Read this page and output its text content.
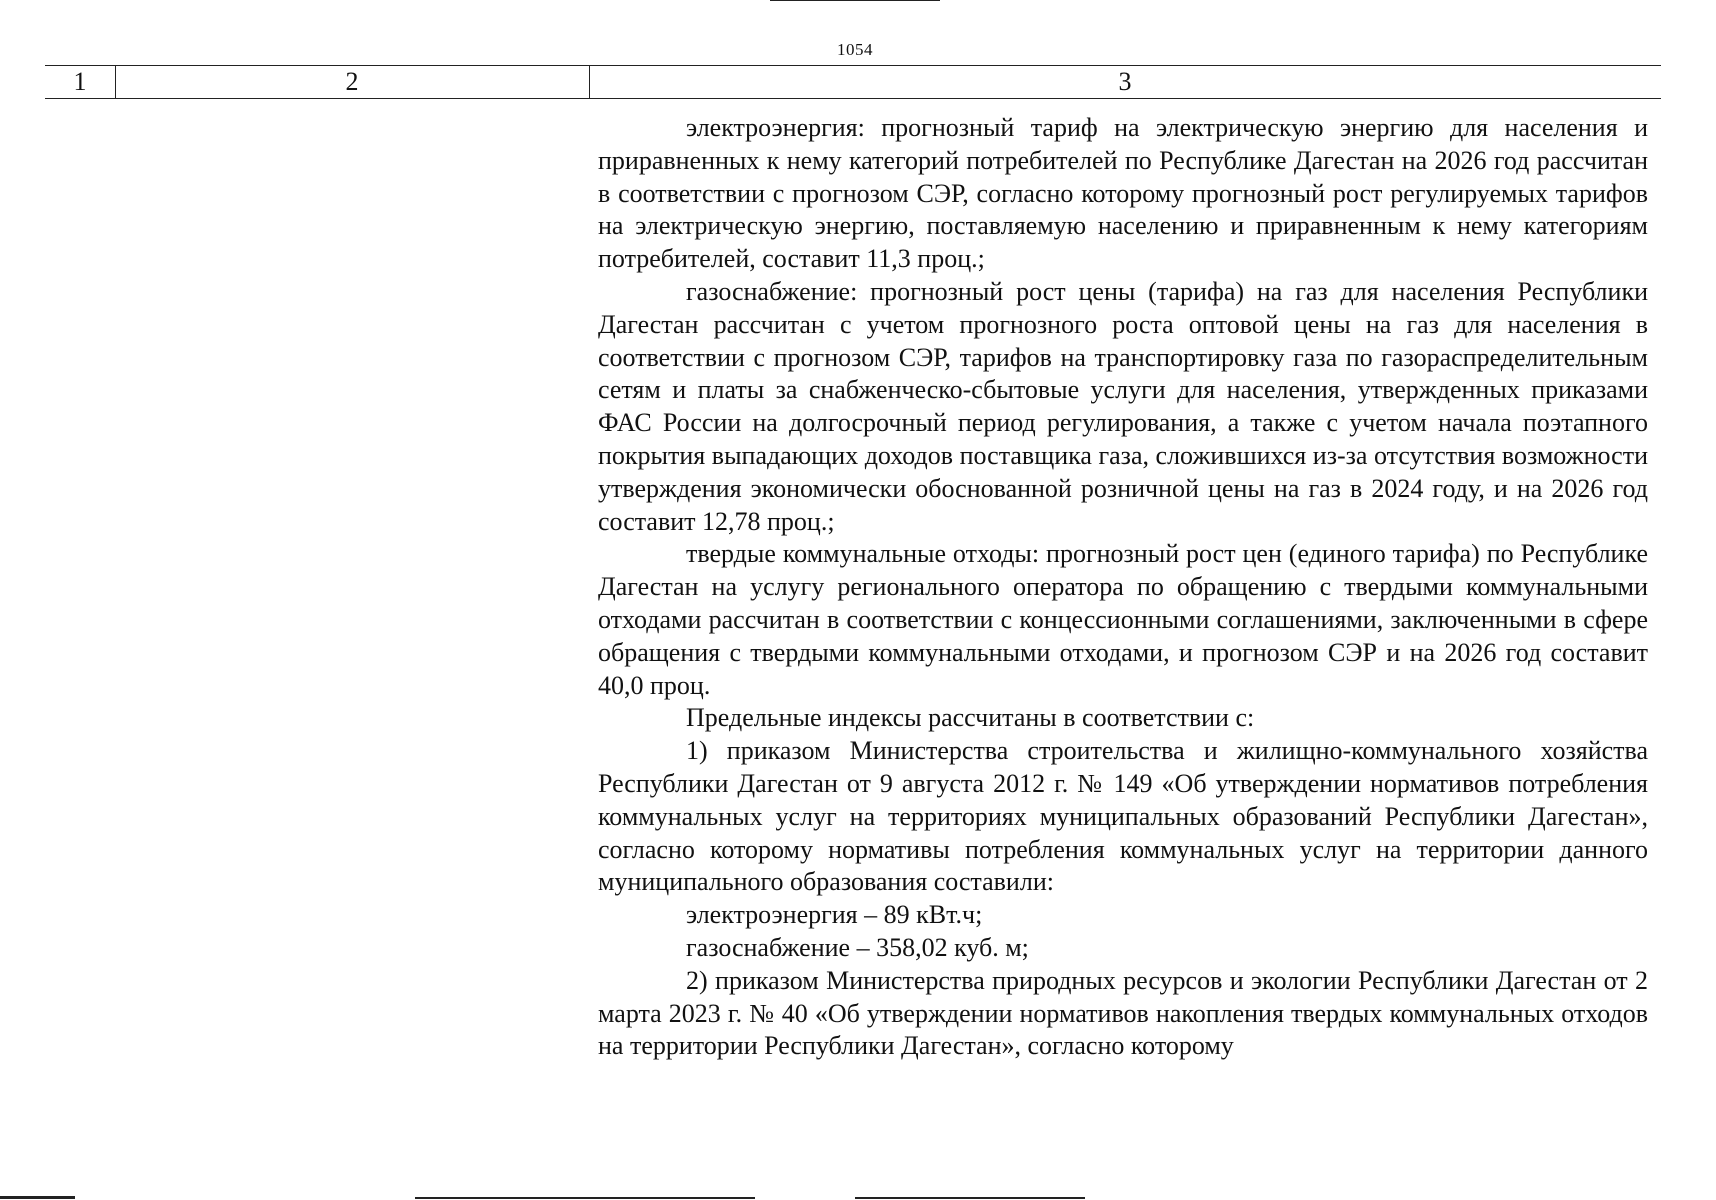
1054
1	2	3

электроэнергия: прогнозный тариф на электрическую энергию для населения и приравненных к нему категорий потребителей по Республике Дагестан на 2026 год рассчитан в соответствии с прогнозом СЭР, согласно которому прогнозный рост регулируемых тарифов на электрическую энергию, поставляемую населению и приравненным к нему категориям потребителей, составит 11,3 проц.;

газоснабжение: прогнозный рост цены (тарифа) на газ для населения Республики Дагестан рассчитан с учетом прогнозного роста оптовой цены на газ для населения в соответствии с прогнозом СЭР, тарифов на транспортировку газа по газораспределительным сетям и платы за снабженческо-сбытовые услуги для населения, утвержденных приказами ФАС России на долгосрочный период регулирования, а также с учетом начала поэтапного покрытия выпадающих доходов поставщика газа, сложившихся из-за отсутствия возможности утверждения экономически обоснованной розничной цены на газ в 2024 году, и на 2026 год составит 12,78 проц.;

твердые коммунальные отходы: прогнозный рост цен (единого тарифа) по Республике Дагестан на услугу регионального оператора по обращению с твердыми коммунальными отходами рассчитан в соответствии с концессионными соглашениями, заключенными в сфере обращения с твердыми коммунальными отходами, и прогнозом СЭР и на 2026 год составит 40,0 проц.

Предельные индексы рассчитаны в соответствии с:

1) приказом Министерства строительства и жилищно-коммунального хозяйства Республики Дагестан от 9 августа 2012 г. № 149 «Об утверждении нормативов потребления коммунальных услуг на территориях муниципальных образований Республики Дагестан», согласно которому нормативы потребления коммунальных услуг на территории данного муниципального образования составили:

электроэнергия – 89 кВт.ч;

газоснабжение – 358,02 куб. м;

2) приказом Министерства природных ресурсов и экологии Республики Дагестан от 2 марта 2023 г. № 40 «Об утверждении нормативов накопления твердых коммунальных отходов на территории Республики Дагестан», согласно которому
